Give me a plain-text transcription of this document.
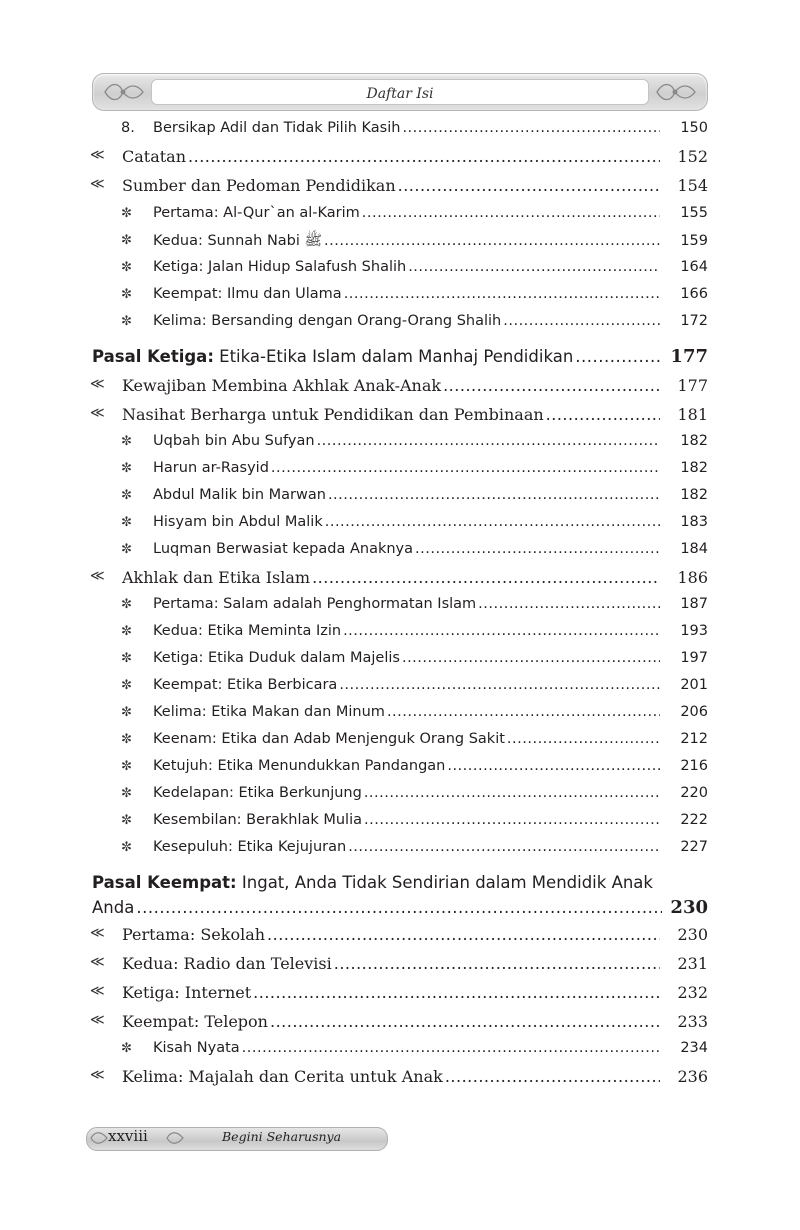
Daftar Isi
8. Bersikap Adil dan Tidak Pilih Kasih .....	150
≪ Catatan .....	152
≪ Sumber dan Pedoman Pendidikan .....	154
✼ Pertama: Al-Qur`an al-Karim .....	155
✼ Kedua: Sunnah Nabi ﷺ .....	159
✼ Ketiga: Jalan Hidup Salafush Shalih .....	164
✼ Keempat: Ilmu dan Ulama .....	166
✼ Kelima: Bersanding dengan Orang-Orang Shalih .....	172
Pasal Ketiga: Etika-Etika Islam dalam Manhaj Pendidikan .....	177
≪ Kewajiban Membina Akhlak Anak-Anak .....	177
≪ Nasihat Berharga untuk Pendidikan dan Pembinaan .....	181
✼ Uqbah bin Abu Sufyan .....	182
✼ Harun ar-Rasyid .....	182
✼ Abdul Malik bin Marwan .....	182
✼ Hisyam bin Abdul Malik .....	183
✼ Luqman Berwasiat kepada Anaknya .....	184
≪ Akhlak dan Etika Islam .....	186
✼ Pertama: Salam adalah Penghormatan Islam .....	187
✼ Kedua: Etika Meminta Izin .....	193
✼ Ketiga: Etika Duduk dalam Majelis .....	197
✼ Keempat: Etika Berbicara .....	201
✼ Kelima: Etika Makan dan Minum .....	206
✼ Keenam: Etika dan Adab Menjenguk Orang Sakit .....	212
✼ Ketujuh: Etika Menundukkan Pandangan .....	216
✼ Kedelapan: Etika Berkunjung .....	220
✼ Kesembilan: Berakhlak Mulia .....	222
✼ Kesepuluh: Etika Kejujuran .....	227
Pasal Keempat: Ingat, Anda Tidak Sendirian dalam Mendidik Anak
Anda .....	230
≪ Pertama: Sekolah .....	230
≪ Kedua: Radio dan Televisi .....	231
≪ Ketiga: Internet .....	232
≪ Keempat: Telepon .....	233
✼ Kisah Nyata .....	234
≪ Kelima: Majalah dan Cerita untuk Anak .....	236
xxviii	Begini Seharusnya
